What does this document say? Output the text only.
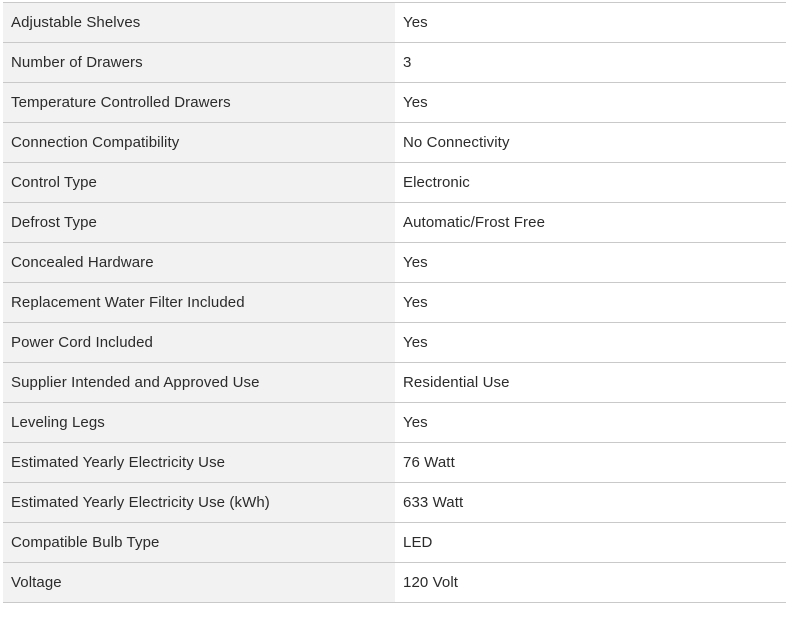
Adjustable Shelves	Yes
Number of Drawers	3
Temperature Controlled Drawers	Yes
Connection Compatibility	No Connectivity
Control Type	Electronic
Defrost Type	Automatic/Frost Free
Concealed Hardware	Yes
Replacement Water Filter Included	Yes
Power Cord Included	Yes
Supplier Intended and Approved Use	Residential Use
Leveling Legs	Yes
Estimated Yearly Electricity Use	76 Watt
Estimated Yearly Electricity Use (kWh)	633 Watt
Compatible Bulb Type	LED
Voltage	120 Volt
